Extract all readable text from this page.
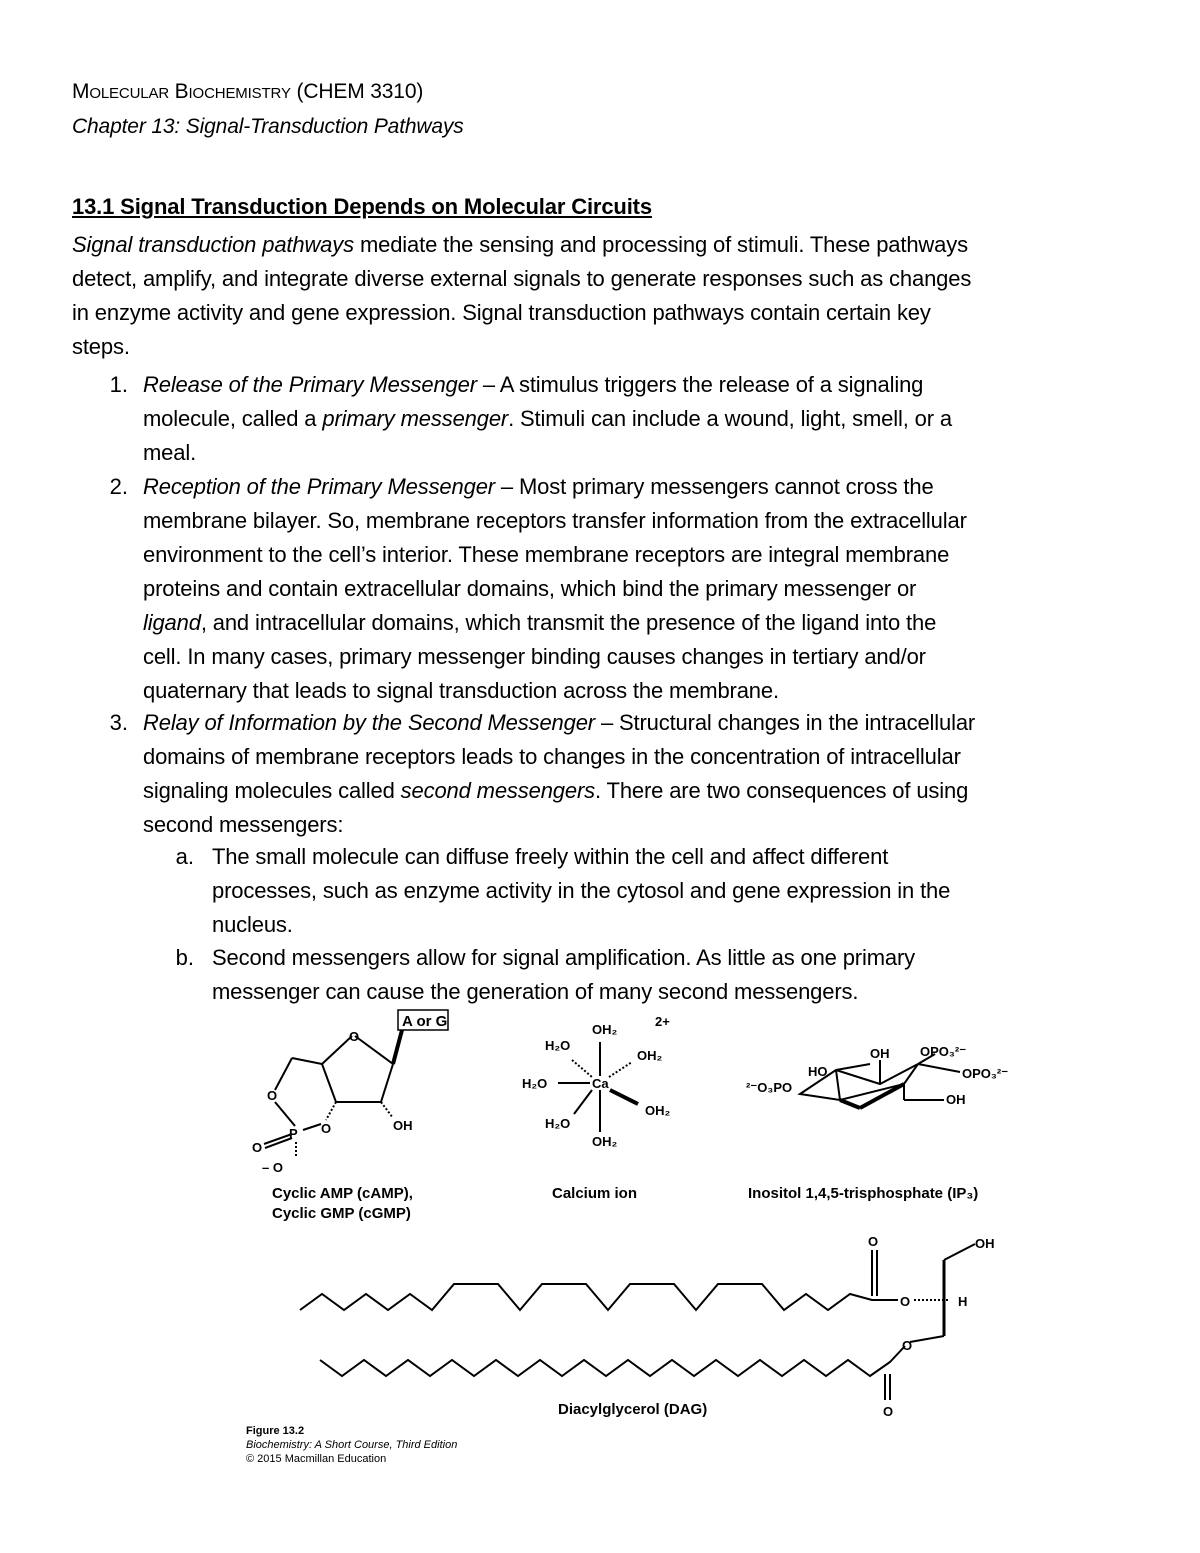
Molecular Biochemistry (CHEM 3310)
Chapter 13: Signal-Transduction Pathways
13.1 Signal Transduction Depends on Molecular Circuits
Signal transduction pathways mediate the sensing and processing of stimuli. These pathways
detect, amplify, and integrate diverse external signals to generate responses such as changes
in enzyme activity and gene expression. Signal transduction pathways contain certain key
steps.
1. Release of the Primary Messenger – A stimulus triggers the release of a signaling
molecule, called a primary messenger. Stimuli can include a wound, light, smell, or a
meal.
2. Reception of the Primary Messenger – Most primary messengers cannot cross the
membrane bilayer. So, membrane receptors transfer information from the extracellular
environment to the cell’s interior. These membrane receptors are integral membrane
proteins and contain extracellular domains, which bind the primary messenger or
ligand, and intracellular domains, which transmit the presence of the ligand into the
cell. In many cases, primary messenger binding causes changes in tertiary and/or
quaternary that leads to signal transduction across the membrane.
3. Relay of Information by the Second Messenger – Structural changes in the intracellular
domains of membrane receptors leads to changes in the concentration of intracellular
signaling molecules called second messengers. There are two consequences of using
second messengers:
a. The small molecule can diffuse freely within the cell and affect different
processes, such as enzyme activity in the cytosol and gene expression in the
nucleus.
b. Second messengers allow for signal amplification. As little as one primary
messenger can cause the generation of many second messengers.
A or G
O
O
P O
O
– O
OH
Cyclic AMP (cAMP),
Cyclic GMP (cGMP)
OH₂
2+
H₂O
OH₂
H₂O	Ca
OH₂
H₂O
OH₂
Calcium ion
OH OPO₃²⁻
HO	OPO₃²⁻
²⁻O₃PO
OH
Inositol 1,4,5-trisphosphate (IP₃)
O	OH
O	H
O
O
Diacylglycerol (DAG)
Figure 13.2
Biochemistry: A Short Course, Third Edition
© 2015 Macmillan Education
